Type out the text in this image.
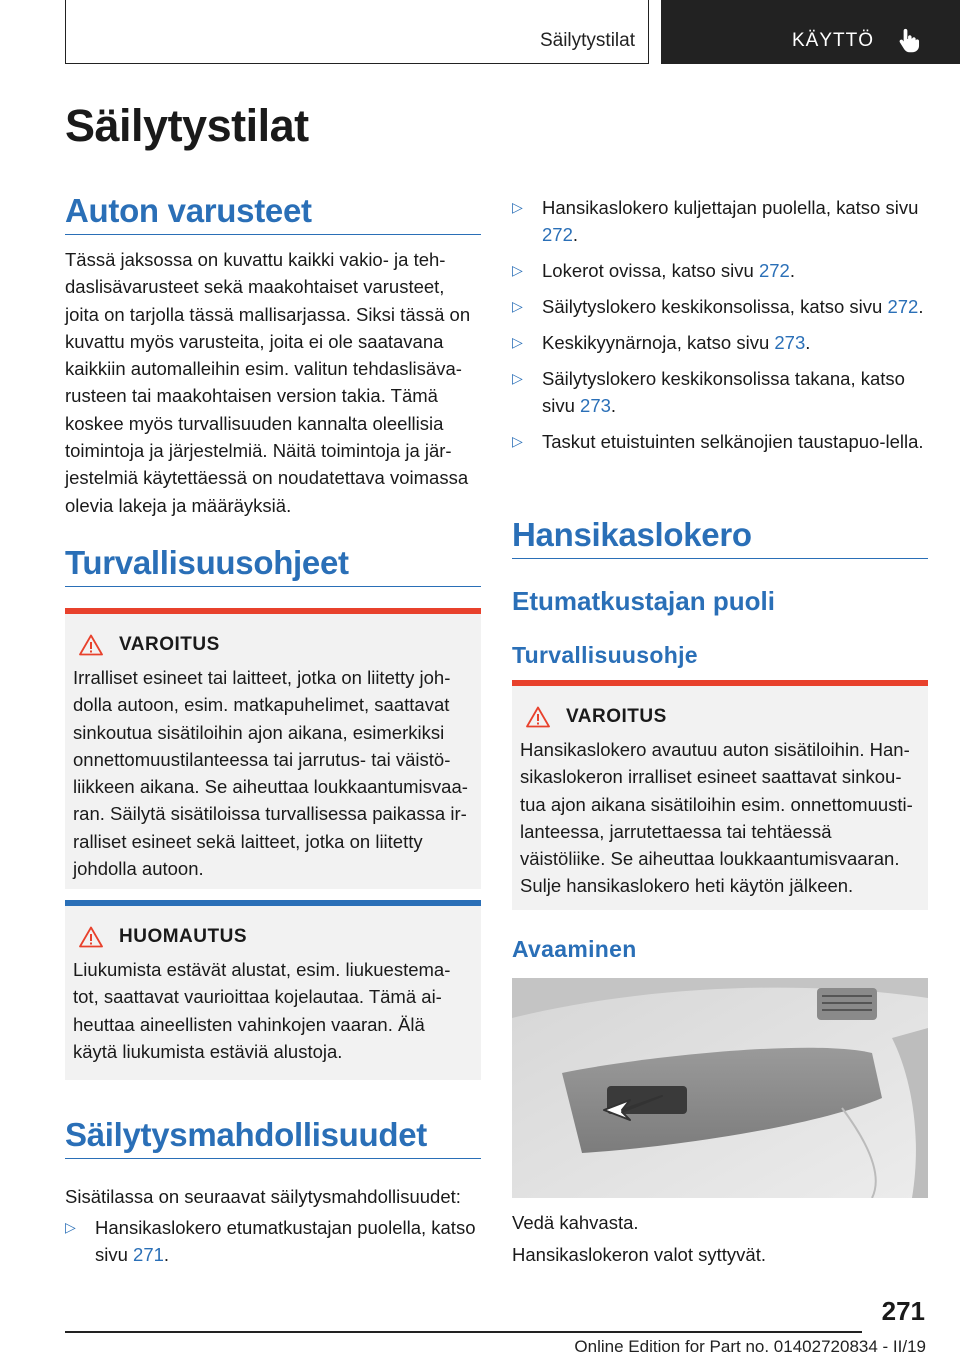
Säilytystilat	KÄYTTÖ
Säilytystilat
Auton varusteet

Tässä jaksossa on kuvattu kaikki vakio- ja teh-daslisävarusteet sekä maakohtaiset varusteet, joita on tarjolla tässä mallisarjassa. Siksi tässä on kuvattu myös varusteita, joita ei ole saatavana kaikkiin automalleihin esim. valitun tehdaslisäva-rusteen tai maakohtaisen version takia. Tämä koskee myös turvallisuuden kannalta oleellisia toimintoja ja järjestelmiä. Näitä toimintoja ja jär-jestelmiä käytettäessä on noudatettava voimassa olevia lakeja ja määräyksiä.

Turvallisuusohjeet
VAROITUS

Irralliset esineet tai laitteet, jotka on liitetty joh-dolla autoon, esim. matkapuhelimet, saattavat sinkoutua sisätiloihin ajon aikana, esimerkiksi onnettomuustilanteessa tai jarrutus- tai väistö-liikkeen aikana. Se aiheuttaa loukkaantumisvaa-ran. Säilytä sisätiloissa turvallisessa paikassa ir-ralliset esineet sekä laitteet, jotka on liitetty johdolla autoon.

HUOMAUTUS

Liukumista estävät alustat, esim. liukuestema-tot, saattavat vaurioittaa kojelautaa. Tämä ai-heuttaa aineellisten vahinkojen vaaran. Älä käytä liukumista estäviä alustoja.

Säilytysmahdollisuudet

Sisätilassa on seuraavat säilytysmahdollisuudet:

▷ Hansikaslokero etumatkustajan puolella, katso sivu 271.
▷ Hansikaslokero kuljettajan puolella, katso sivu 272.
▷ Lokerot ovissa, katso sivu 272.
▷ Säilytyslokero keskikonsolissa, katso sivu 272.
▷ Keskikyynärnoja, katso sivu 273.
▷ Säilytyslokero keskikonsolissa takana, katso sivu 273.
▷ Taskut etuistuinten selkänojien taustapuo-lella.
Hansikaslokero
Etumatkustajan puoli
Turvallisuusohje
VAROITUS

Hansikaslokero avautuu auton sisätiloihin. Han-sikaslokeron irralliset esineet saattavat sinkou-tua ajon aikana sisätiloihin esim. onnettomuusti-lanteessa, jarrutettaessa tai tehtäessä väistöliike. Se aiheuttaa loukkaantumisvaaran. Sulje hansikaslokero heti käytön jälkeen.

Avaaminen

Vedä kahvasta.

Hansikaslokeron valot syttyvät.

271
Online Edition for Part no. 01402720834 - II/19
